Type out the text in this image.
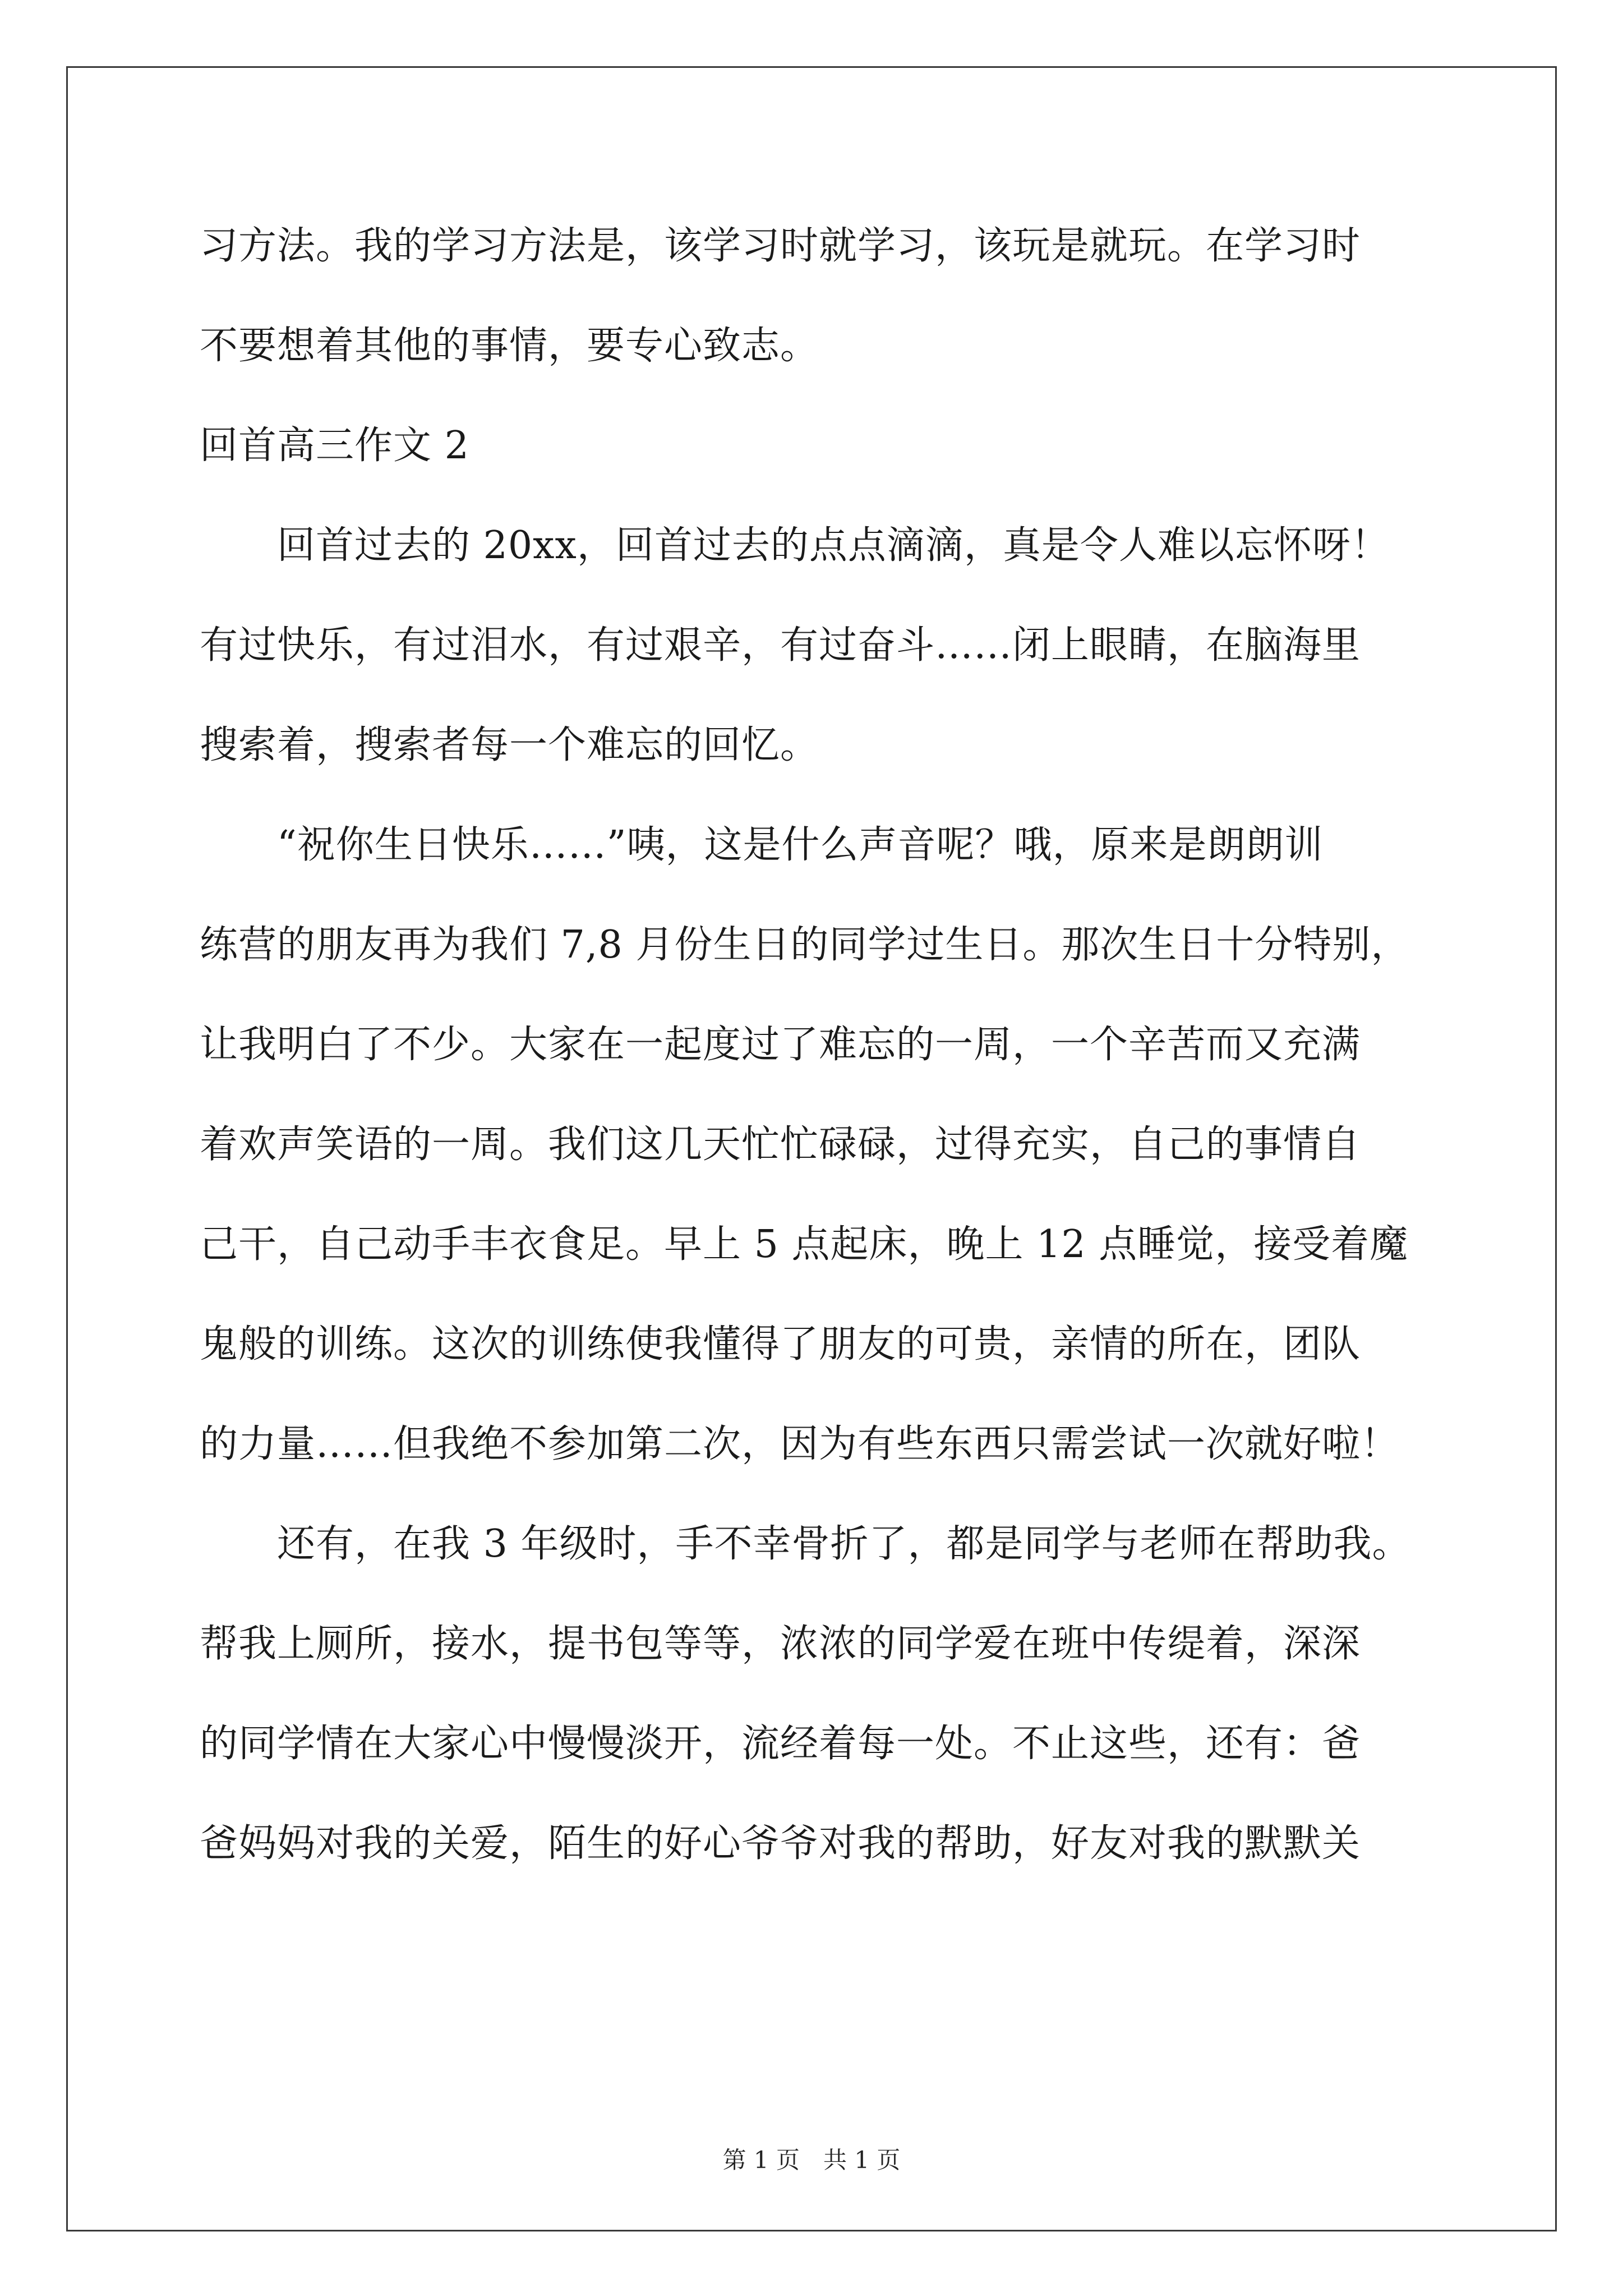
习方法。我的学习方法是，该学习时就学习，该玩是就玩。在学习时
不要想着其他的事情，要专心致志。
回首高三作文 2
　　回首过去的 20xx，回首过去的点点滴滴，真是令人难以忘怀呀！
有过快乐，有过泪水，有过艰辛，有过奋斗……闭上眼睛，在脑海里
搜索着，搜索者每一个难忘的回忆。
　　“祝你生日快乐……”咦，这是什么声音呢？哦，原来是朗朗训
练营的朋友再为我们 7,8 月份生日的同学过生日。那次生日十分特别，
让我明白了不少。大家在一起度过了难忘的一周，一个辛苦而又充满
着欢声笑语的一周。我们这几天忙忙碌碌，过得充实，自己的事情自
己干，自己动手丰衣食足。早上 5 点起床，晚上 12 点睡觉，接受着魔
鬼般的训练。这次的训练使我懂得了朋友的可贵，亲情的所在，团队
的力量……但我绝不参加第二次，因为有些东西只需尝试一次就好啦！
　　还有，在我 3 年级时，手不幸骨折了，都是同学与老师在帮助我。
帮我上厕所，接水，提书包等等，浓浓的同学爱在班中传缇着，深深
的同学情在大家心中慢慢淡开，流经着每一处。不止这些，还有：爸
爸妈妈对我的关爱，陌生的好心爷爷对我的帮助，好友对我的默默关
第 1 页　共 1 页
